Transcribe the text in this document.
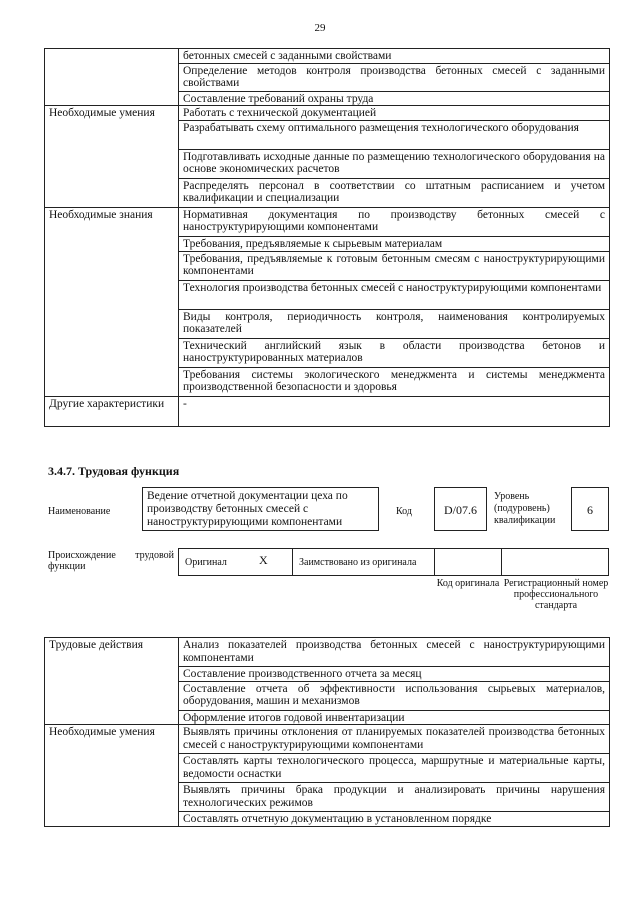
29
	бетонных смесей с заданными свойствами
	Определение методов контроля производства бетонных смесей с заданными свойствами
	Составление требований охраны труда
Необходимые умения	Работать с технической документацией
	Разрабатывать схему оптимального размещения технологического оборудования
	Подготавливать исходные данные по размещению технологического оборудования на основе экономических расчетов
	Распределять персонал в соответствии со штатным расписанием и учетом квалификации и специализации
Необходимые знания	Нормативная документация по производству бетонных смесей с наноструктурирующими компонентами
	Требования, предъявляемые к сырьевым материалам
	Требования, предъявляемые к готовым бетонным смесям с наноструктурирующими компонентами
	Технология производства бетонных смесей с наноструктурирующими компонентами
	Виды контроля, периодичность контроля, наименования контролируемых показателей
	Технический английский язык в области производства бетонов и наноструктурированных материалов
	Требования системы экологического менеджмента и системы менеджмента производственной безопасности и здоровья
Другие характеристики	-
3.4.7. Трудовая функция
Наименование
Ведение отчетной документации цеха по производству бетонных смесей с наноструктурирующими компонентами
Код	D/07.6
Уровень (подуровень) квалификации
6
Происхождение трудовой функции	Оригинал	X	Заимствовано из оригинала
Код оригинала Регистрационный номер профессионального стандарта
Трудовые действия	Анализ показателей производства бетонных смесей с наноструктурирующими компонентами
	Составление производственного отчета за месяц
	Составление отчета об эффективности использования сырьевых материалов, оборудования, машин и механизмов
	Оформление итогов годовой инвентаризации
Необходимые умения	Выявлять причины отклонения от планируемых показателей производства бетонных смесей с наноструктурирующими компонентами
	Составлять карты технологического процесса, маршрутные и материальные карты, ведомости оснастки
	Выявлять причины брака продукции и анализировать причины нарушения технологических режимов
	Составлять отчетную документацию в установленном порядке
